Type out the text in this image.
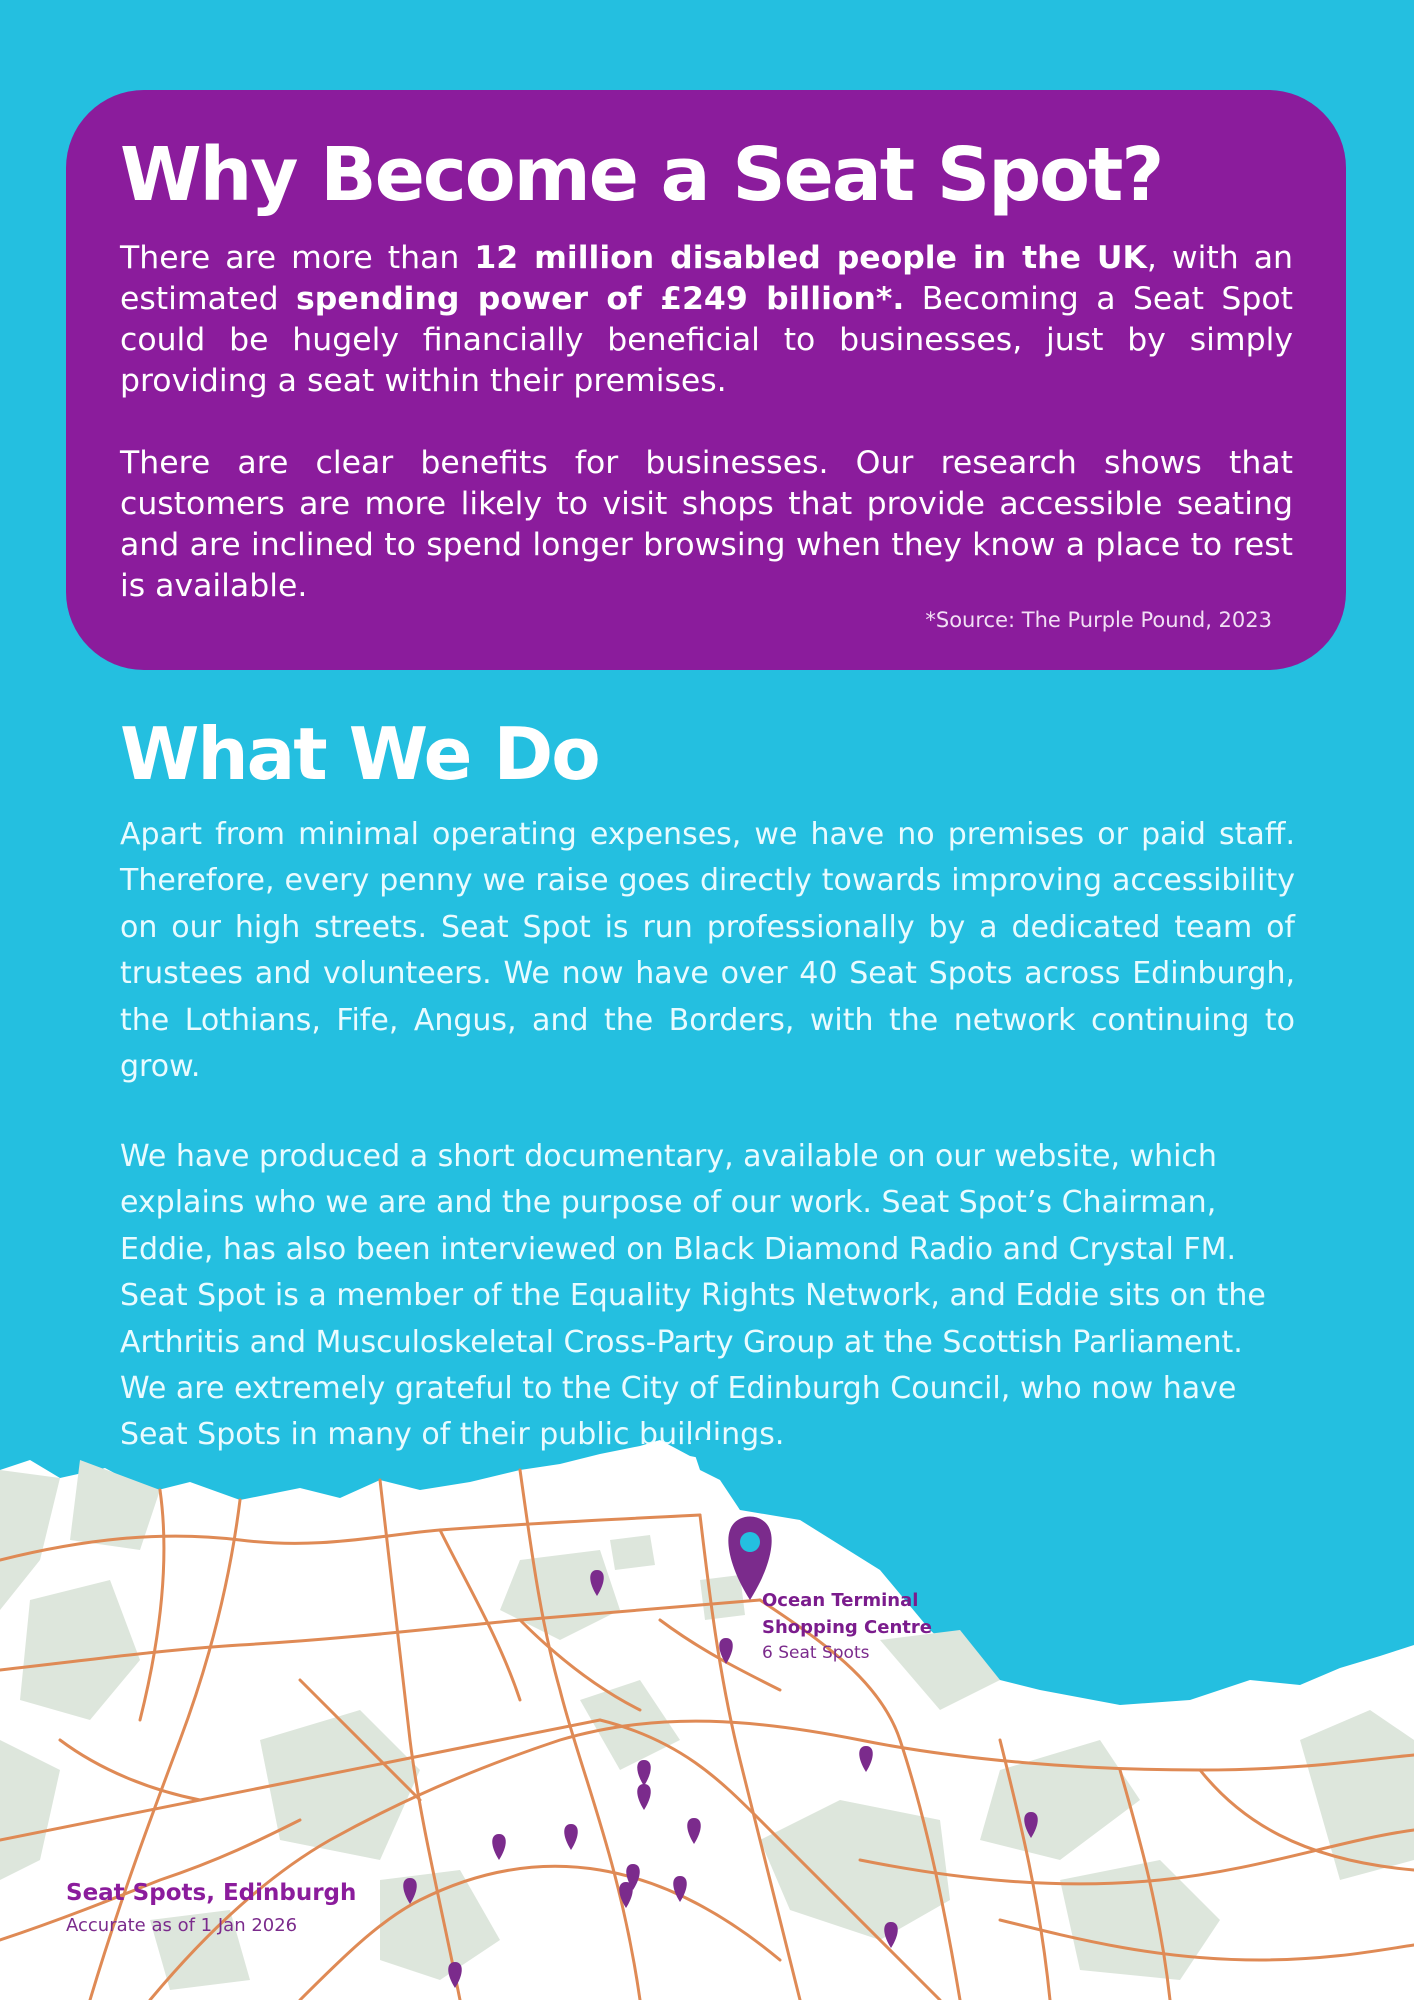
Why Become a Seat Spot?

There are more than 12 million disabled people in the UK, with an estimated spending power of £249 billion*. Becoming a Seat Spot could be hugely financially beneficial to businesses, just by simply providing a seat within their premises.

There are clear benefits for businesses. Our research shows that customers are more likely to visit shops that provide accessible seating and are inclined to spend longer browsing when they know a place to rest is available.

*Source: The Purple Pound, 2023
What We Do

Apart from minimal operating expenses, we have no premises or paid staff. Therefore, every penny we raise goes directly towards improving accessibility on our high streets. Seat Spot is run professionally by a dedicated team of trustees and volunteers. We now have over 40 Seat Spots across Edinburgh, the Lothians, Fife, Angus, and the Borders, with the network continuing to grow.

We have produced a short documentary, available on our website, which explains who we are and the purpose of our work. Seat Spot’s Chairman, Eddie, has also been interviewed on Black Diamond Radio and Crystal FM. Seat Spot is a member of the Equality Rights Network, and Eddie sits on the Arthritis and Musculoskeletal Cross-Party Group at the Scottish Parliament. We are extremely grateful to the City of Edinburgh Council, who now have Seat Spots in many of their public buildings.

Ocean Terminal
Shopping Centre
6 Seat Spots
Seat Spots, Edinburgh
Accurate as of 1 Jan 2026
